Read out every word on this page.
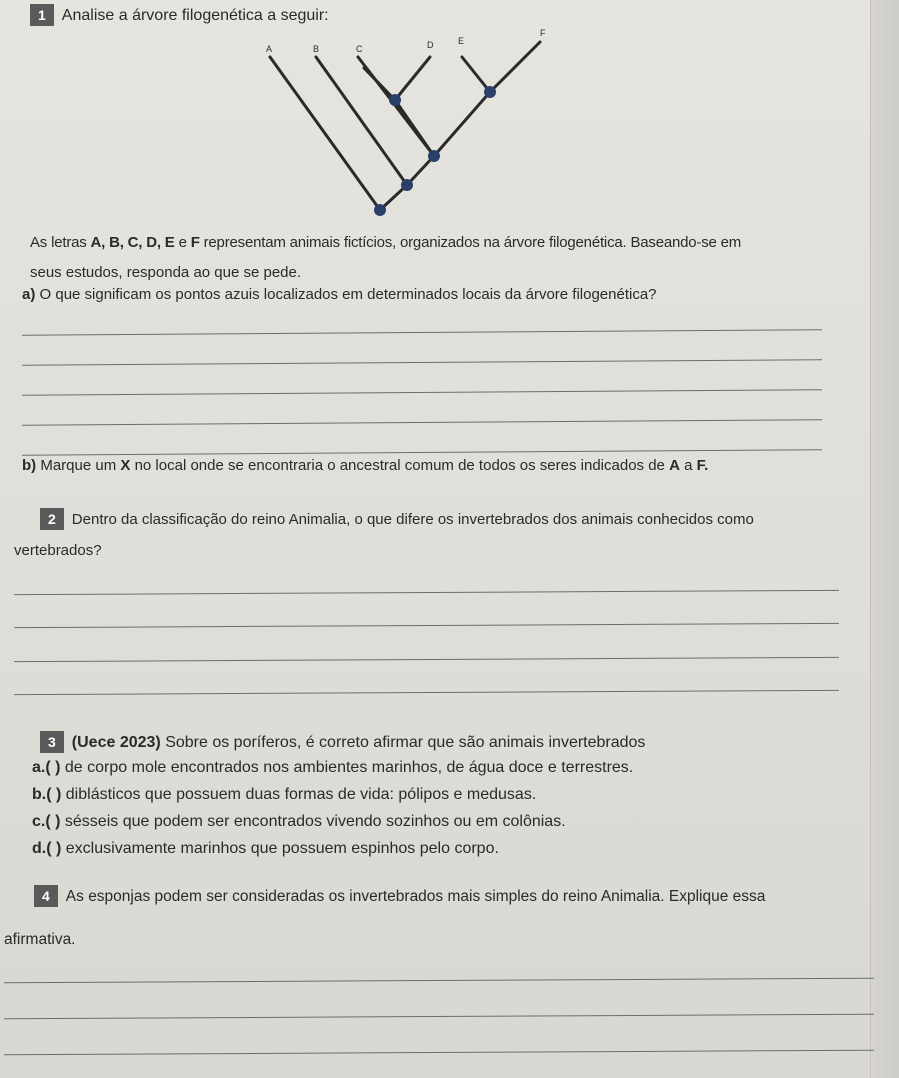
1 Analise a árvore filogenética a seguir:
A	B	C	D	E
F
As letras A, B, C, D, E e F representam animais fictícios, organizados na árvore filogenética. Baseando-se em
seus estudos, responda ao que se pede.
a) O que significam os pontos azuis localizados em determinados locais da árvore filogenética?
b) Marque um X no local onde se encontraria o ancestral comum de todos os seres indicados de A a F.
2 Dentro da classificação do reino Animalia, o que difere os invertebrados dos animais conhecidos como
vertebrados?
3 (Uece 2023) Sobre os poríferos, é correto afirmar que são animais invertebrados
a.( ) de corpo mole encontrados nos ambientes marinhos, de água doce e terrestres.
b.( ) diblásticos que possuem duas formas de vida: pólipos e medusas.
c.( ) sésseis que podem ser encontrados vivendo sozinhos ou em colônias.
d.( ) exclusivamente marinhos que possuem espinhos pelo corpo.
4 As esponjas podem ser consideradas os invertebrados mais simples do reino Animalia. Explique essa
afirmativa.
